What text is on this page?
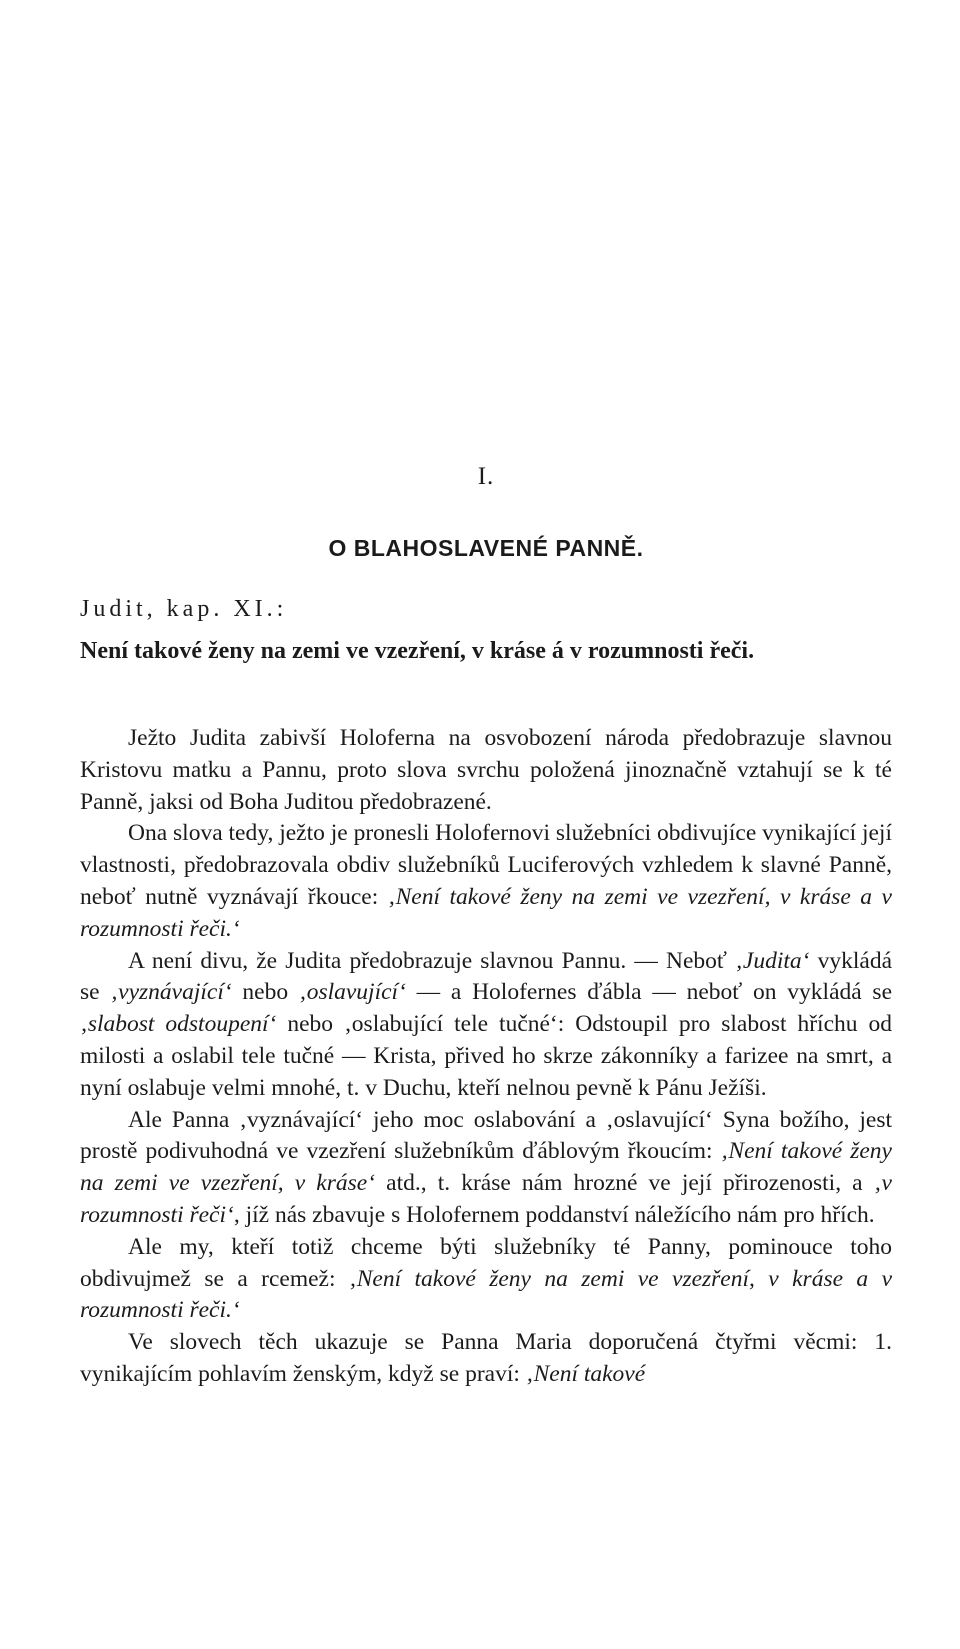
I.
O BLAHOSLAVENÉ PANNĚ.
Judit, kap. XI.:
Není takové ženy na zemi ve vzezření, v kráse á v rozumnosti řeči.

Ježto Judita zabivší Holoferna na osvobození národa předobrazuje slavnou Kristovu matku a Pannu, proto slova svrchu položená jinoznačně vztahují se k té Panně, jaksi od Boha Juditou předobrazené.

Ona slova tedy, ježto je pronesli Holofernovi služebníci obdivujíce vynikající její vlastnosti, předobrazovala obdiv služebníků Luciferových vzhledem k slavné Panně, neboť nutně vyznávají řkouce: ‚Není takové ženy na zemi ve vzezření, v kráse a v rozumnosti řeči.‘

A není divu, že Judita předobrazuje slavnou Pannu. — Neboť ‚Judita‘ vykládá se ‚vyznávající‘ nebo ‚oslavující‘ — a Holofernes ďábla — neboť on vykládá se ‚slabost odstoupení‘ nebo ‚oslabující tele tučné‘: Odstoupil pro slabost hříchu od milosti a oslabil tele tučné — Krista, přived ho skrze zákonníky a farizee na smrt, a nyní oslabuje velmi mnohé, t. v Duchu, kteří nelnou pevně k Pánu Ježíši.

Ale Panna ‚vyznávající‘ jeho moc oslabování a ‚oslavující‘ Syna božího, jest prostě podivuhodná ve vzezření služebníkům ďáblovým řkoucím: ‚Není takové ženy na zemi ve vzezření, v kráse‘ atd., t. kráse nám hrozné ve její přirozenosti, a ‚v rozumnosti řeči‘, jíž nás zbavuje s Holofernem poddanství náležícího nám pro hřích.

Ale my, kteří totiž chceme býti služebníky té Panny, pominouce toho obdivujmež se a rcemež: ‚Není takové ženy na zemi ve vzezření, v kráse a v rozumnosti řeči.‘

Ve slovech těch ukazuje se Panna Maria doporučená čtyřmi věcmi: 1. vynikajícím pohlavím ženským, když se praví: ‚Není takové
